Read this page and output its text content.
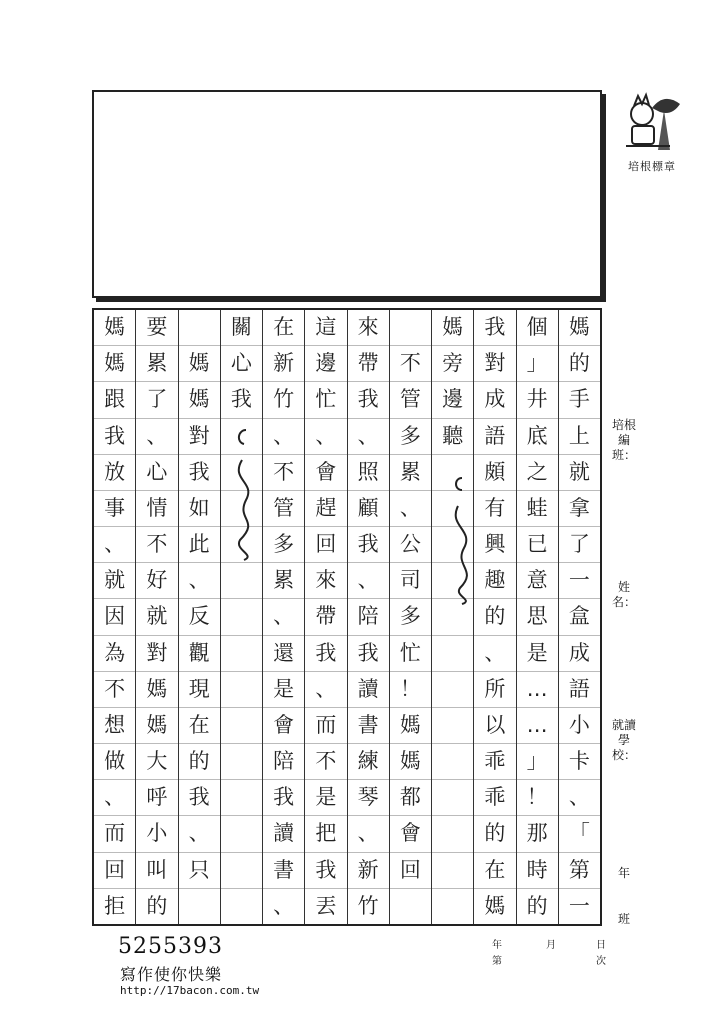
培根標章
媽
的
手
上
就
拿
了
一
盒
成
語
小
卡
、
「
第
一
個
」
井
底
之
蛙
已
意
思
是
…
…
」
！
那
時
的
我
對
成
語
頗
有
興
趣
的
、
所
以
乖
乖
的
在
媽
媽
旁
邊
聽
不
管
多
累
、
公
司
多
忙
！
媽
媽
都
會
回
來
帶
我
、
照
顧
我
、
陪
我
讀
書
練
琴
、
新
竹
這
邊
忙
、
會
趕
回
來
帶
我
、
而
不
是
把
我
丟
在
新
竹
、
不
管
多
累
、
還
是
會
陪
我
讀
書
、
關
心
我
媽
媽
對
我
如
此
、
反
觀
現
在
的
我
、
只
要
累
了
、
心
情
不
好
就
對
媽
媽
大
呼
小
叫
的
媽
媽
跟
我
放
事
、
就
因
為
不
想
做
、
而
回
拒
培根編班：
姓名：
就讀學校：
年
班
年	月	日
第	次
5255393
寫作使你快樂
http://17bacon.com.tw
